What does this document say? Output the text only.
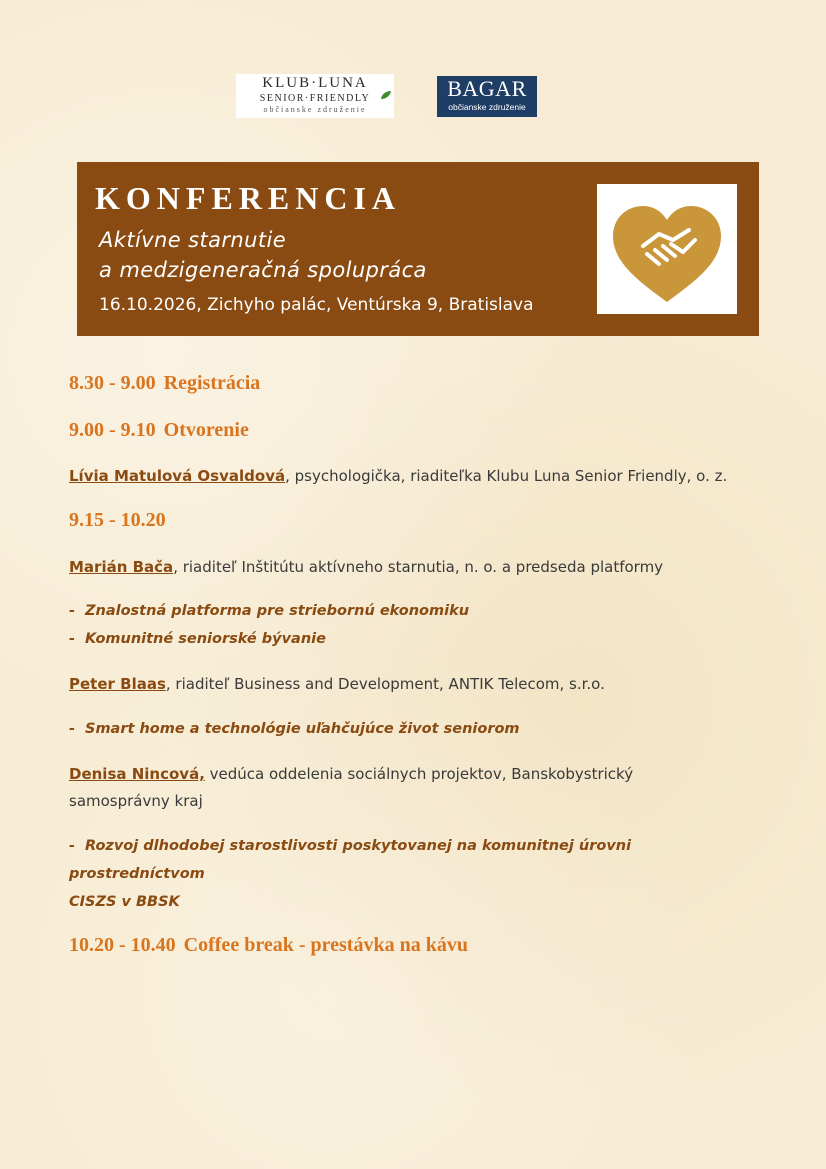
KLUB·LUNA
SENIOR·FRIENDLY
občianske združenie
BAGAR
občianske združenie
KONFERENCIA
Aktívne starnutie
a medzigeneračná spolupráca
16.10.2026, Zichyho palác, Ventúrska 9, Bratislava
8.30 - 9.00 Registrácia
9.00 - 9.10 Otvorenie
Lívia Matulová Osvaldová, psychologička, riaditeľka Klubu Luna Senior Friendly, o. z.
9.15 - 10.20
Marián Bača, riaditeľ Inštitútu aktívneho starnutia, n. o. a predseda platformy
- Znalostná platforma pre striebornú ekonomiku
- Komunitné seniorské bývanie
Peter Blaas, riaditeľ Business and Development, ANTIK Telecom, s.r.o.
- Smart home a technológie uľahčujúce život seniorom
Denisa Nincová, vedúca oddelenia sociálnych projektov, Banskobystrický
samosprávny kraj
- Rozvoj dlhodobej starostlivosti poskytovanej na komunitnej úrovni prostredníctvom
CISZS v BBSK
10.20 - 10.40 Coffee break - prestávka na kávu
